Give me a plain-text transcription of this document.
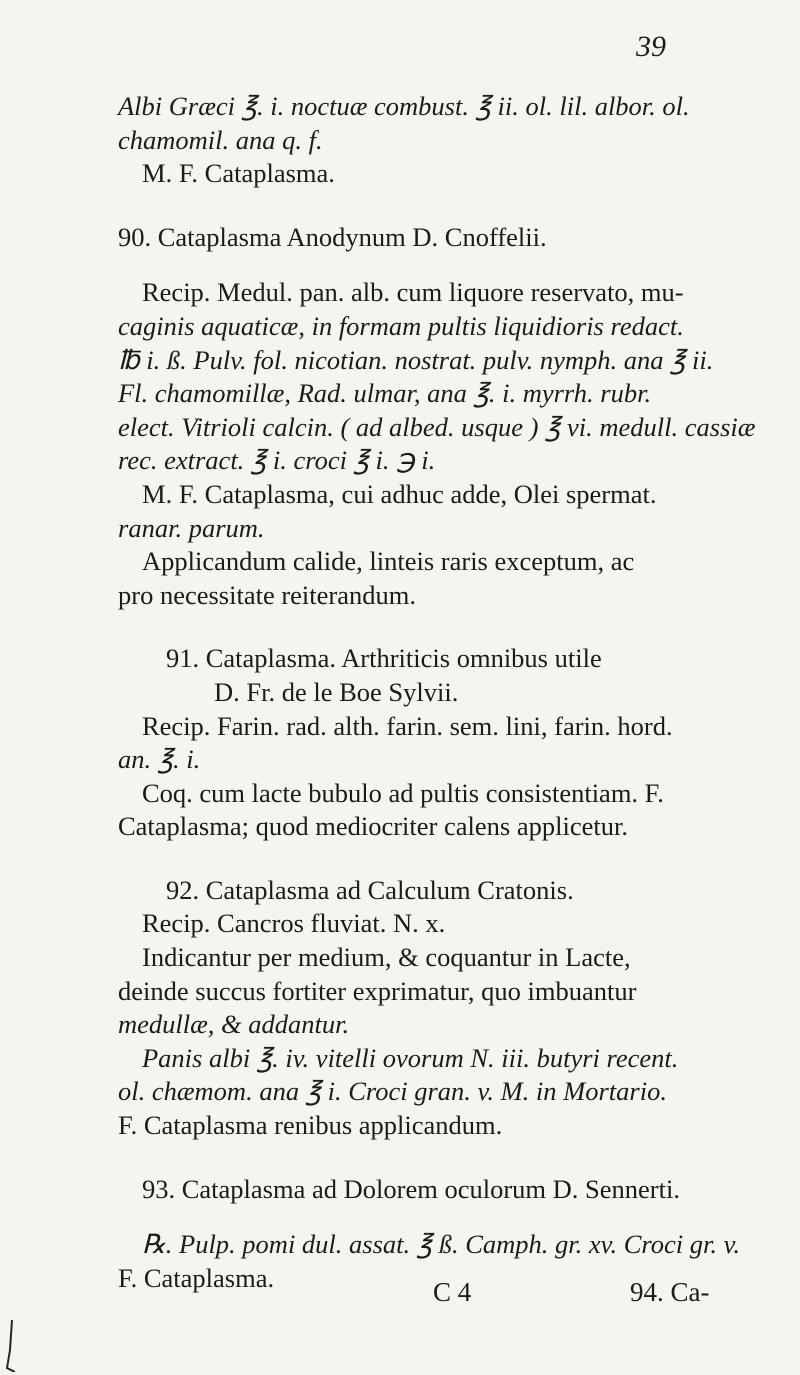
39
Albi Græci ℥. i. noctuæ combust. ℥ ii. ol. lil. albor. ol.
chamomil. ana q. f.
M. F. Cataplasma.
90. Cataplasma Anodynum D. Cnoffelii.
Recip. Medul. pan. alb. cum liquore reservato, mu-
caginis aquaticæ, in formam pultis liquidioris redact.
℔ i. ß. Pulv. fol. nicotian. nostrat. pulv. nymph. ana ℥ ii.
Fl. chamomillæ, Rad. ulmar, ana ℥. i. myrrh. rubr.
elect. Vitrioli calcin. ( ad albed. usque ) ℥ vi. medull. cassiæ
rec. extract. ℥ i. croci ℥ i. ℈ i.
M. F. Cataplasma, cui adhuc adde, Olei spermat.
ranar. parum.
Applicandum calide, linteis raris exceptum, ac
pro necessitate reiterandum.
91. Cataplasma. Arthriticis omnibus utile
D. Fr. de le Boe Sylvii.
Recip. Farin. rad. alth. farin. sem. lini, farin. hord.
an. ℥. i.
Coq. cum lacte bubulo ad pultis consistentiam. F.
Cataplasma; quod mediocriter calens applicetur.
92. Cataplasma ad Calculum Cratonis.
Recip. Cancros fluviat. N. x.
Indicantur per medium, & coquantur in Lacte,
deinde succus fortiter exprimatur, quo imbuantur
medullæ, & addantur.
Panis albi ℥. iv. vitelli ovorum N. iii. butyri recent.
ol. chæmom. ana ℥ i. Croci gran. v. M. in Mortario.
F. Cataplasma renibus applicandum.
93. Cataplasma ad Dolorem oculorum D. Sennerti.
℞. Pulp. pomi dul. assat. ℥ ß. Camph. gr. xv. Croci gr. v.
F. Cataplasma.	C 4	94. Ca-
